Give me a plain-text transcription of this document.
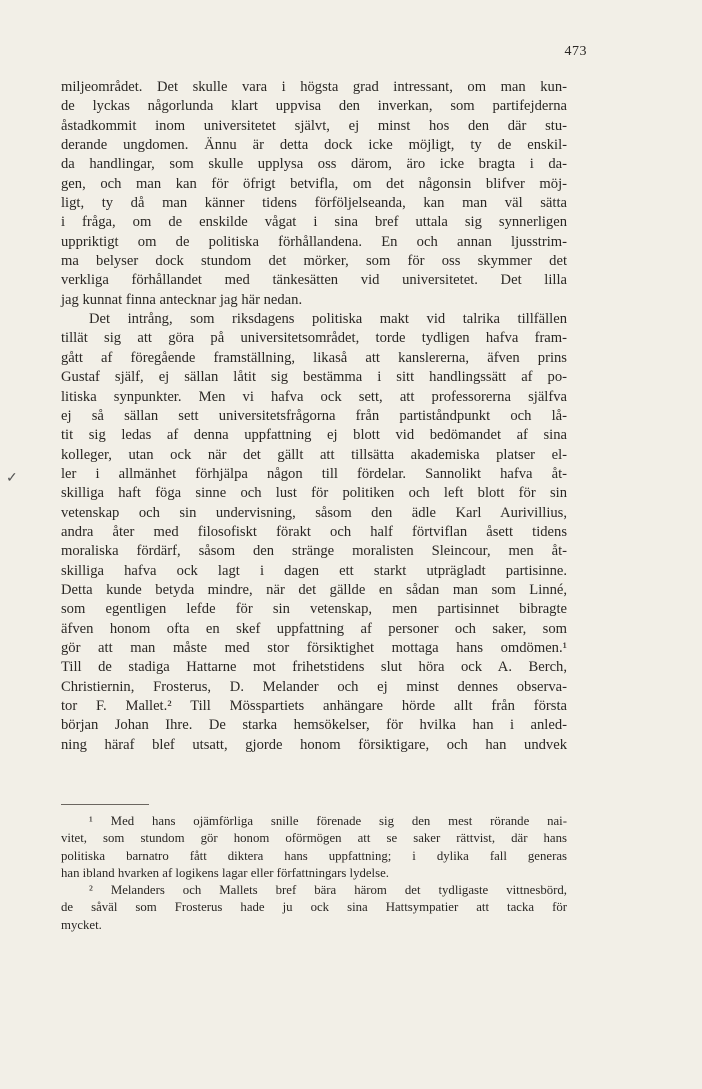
473
✓
miljeområdet. Det skulle vara i högsta grad intressant, om man kun-
de lyckas någorlunda klart uppvisa den inverkan, som partifejderna
åstadkommit inom universitetet självt, ej minst hos den där stu-
derande ungdomen. Ännu är detta dock icke möjligt, ty de enskil-
da handlingar, som skulle upplysa oss därom, äro icke bragta i da-
gen, och man kan för öfrigt betvifla, om det någonsin blifver möj-
ligt, ty då man känner tidens förföljelseanda, kan man väl sätta
i fråga, om de enskilde vågat i sina bref uttala sig synnerligen
uppriktigt om de politiska förhållandena. En och annan ljusstrim-
ma belyser dock stundom det mörker, som för oss skymmer det
verkliga förhållandet med tänkesätten vid universitetet. Det lilla
jag kunnat finna antecknar jag här nedan.
Det intrång, som riksdagens politiska makt vid talrika tillfällen
tillät sig att göra på universitetsområdet, torde tydligen hafva fram-
gått af föregående framställning, likaså att kanslererna, äfven prins
Gustaf själf, ej sällan låtit sig bestämma i sitt handlingssätt af po-
litiska synpunkter. Men vi hafva ock sett, att professorerna själfva
ej så sällan sett universitetsfrågorna från partiståndpunkt och lå-
tit sig ledas af denna uppfattning ej blott vid bedömandet af sina
kolleger, utan ock när det gällt att tillsätta akademiska platser el-
ler i allmänhet förhjälpa någon till fördelar. Sannolikt hafva åt-
skilliga haft föga sinne och lust för politiken och left blott för sin
vetenskap och sin undervisning, såsom den ädle Karl Aurivillius,
andra åter med filosofiskt förakt och half förtviflan åsett tidens
moraliska fördärf, såsom den stränge moralisten Sleincour, men åt-
skilliga hafva ock lagt i dagen ett starkt utprägladt partisinne.
Detta kunde betyda mindre, när det gällde en sådan man som Linné,
som egentligen lefde för sin vetenskap, men partisinnet bibragte
äfven honom ofta en skef uppfattning af personer och saker, som
gör att man måste med stor försiktighet mottaga hans omdömen.¹
Till de stadiga Hattarne mot frihetstidens slut höra ock A. Berch,
Christiernin, Frosterus, D. Melander och ej minst dennes observa-
tor F. Mallet.² Till Mösspartiets anhängare hörde allt från första
början Johan Ihre. De starka hemsökelser, för hvilka han i anled-
ning häraf blef utsatt, gjorde honom försiktigare, och han undvek
¹ Med hans ojämförliga snille förenade sig den mest rörande nai-
vitet, som stundom gör honom oförmögen att se saker rättvist, där hans
politiska barnatro fått diktera hans uppfattning; i dylika fall generas
han ibland hvarken af logikens lagar eller författningars lydelse.
² Melanders och Mallets bref bära härom det tydligaste vittnesbörd,
de såväl som Frosterus hade ju ock sina Hattsympatier att tacka för
mycket.
